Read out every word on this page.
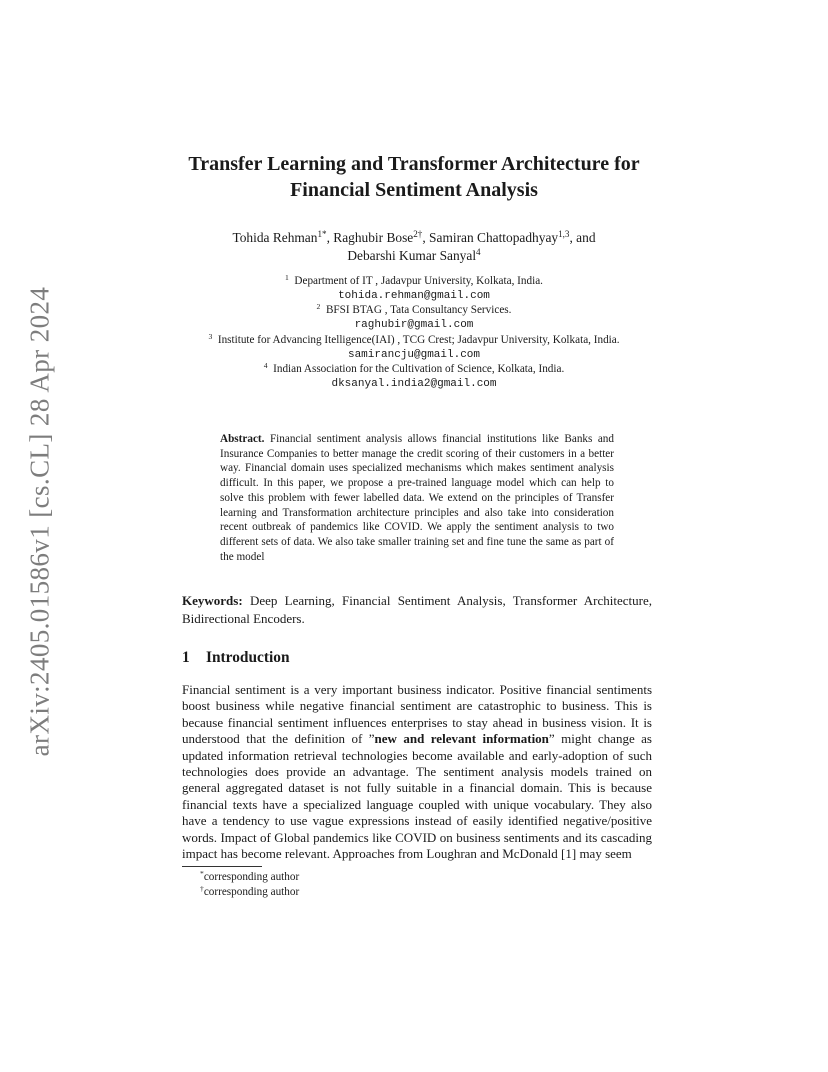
arXiv:2405.01586v1 [cs.CL] 28 Apr 2024
Transfer Learning and Transformer Architecture for
Financial Sentiment Analysis
Tohida Rehman$^{1*}$, Raghubir Bose$^{2\dagger}$, Samiran Chattopadhyay$^{1,3}$, and
Debarshi Kumar Sanyal$^4$
$^1$ Department of IT , Jadavpur University, Kolkata, India.
tohida.rehman@gmail.com
$^2$ BFSI BTAG , Tata Consultancy Services.
raghubir@gmail.com
$^3$ Institute for Advancing Itelligence(IAI) , TCG Crest; Jadavpur University, Kolkata, India.
samirancju@gmail.com
$^4$ Indian Association for the Cultivation of Science, Kolkata, India.
dksanyal.india2@gmail.com
Abstract. Financial sentiment analysis allows financial institutions like Banks and Insurance Companies to better manage the credit scoring of their customers in a better way. Financial domain uses specialized mechanisms which makes sentiment analysis difficult. In this paper, we propose a pre-trained language model which can help to solve this problem with fewer labelled data. We extend on the principles of Transfer learning and Transformation architecture principles and also take into consideration recent outbreak of pandemics like COVID. We apply the sentiment analysis to two different sets of data. We also take smaller training set and fine tune the same as part of the model
Keywords: Deep Learning, Financial Sentiment Analysis, Transformer Architecture, Bidirectional Encoders.
1 Introduction
Financial sentiment is a very important business indicator. Positive financial sentiments boost business while negative financial sentiment are catastrophic to business. This is because financial sentiment influences enterprises to stay ahead in business vision. It is understood that the definition of ”new and relevant information” might change as updated information retrieval technologies become available and early-adoption of such technologies does provide an advantage. The sentiment analysis models trained on general aggregated dataset is not fully suitable in a financial domain. This is because financial texts have a specialized language coupled with unique vocabulary. They also have a tendency to use vague expressions instead of easily identified negative/positive words. Impact of Global pandemics like COVID on business sentiments and its cascading impact has become relevant. Approaches from Loughran and McDonald [1] may seem
*corresponding author
†corresponding author
